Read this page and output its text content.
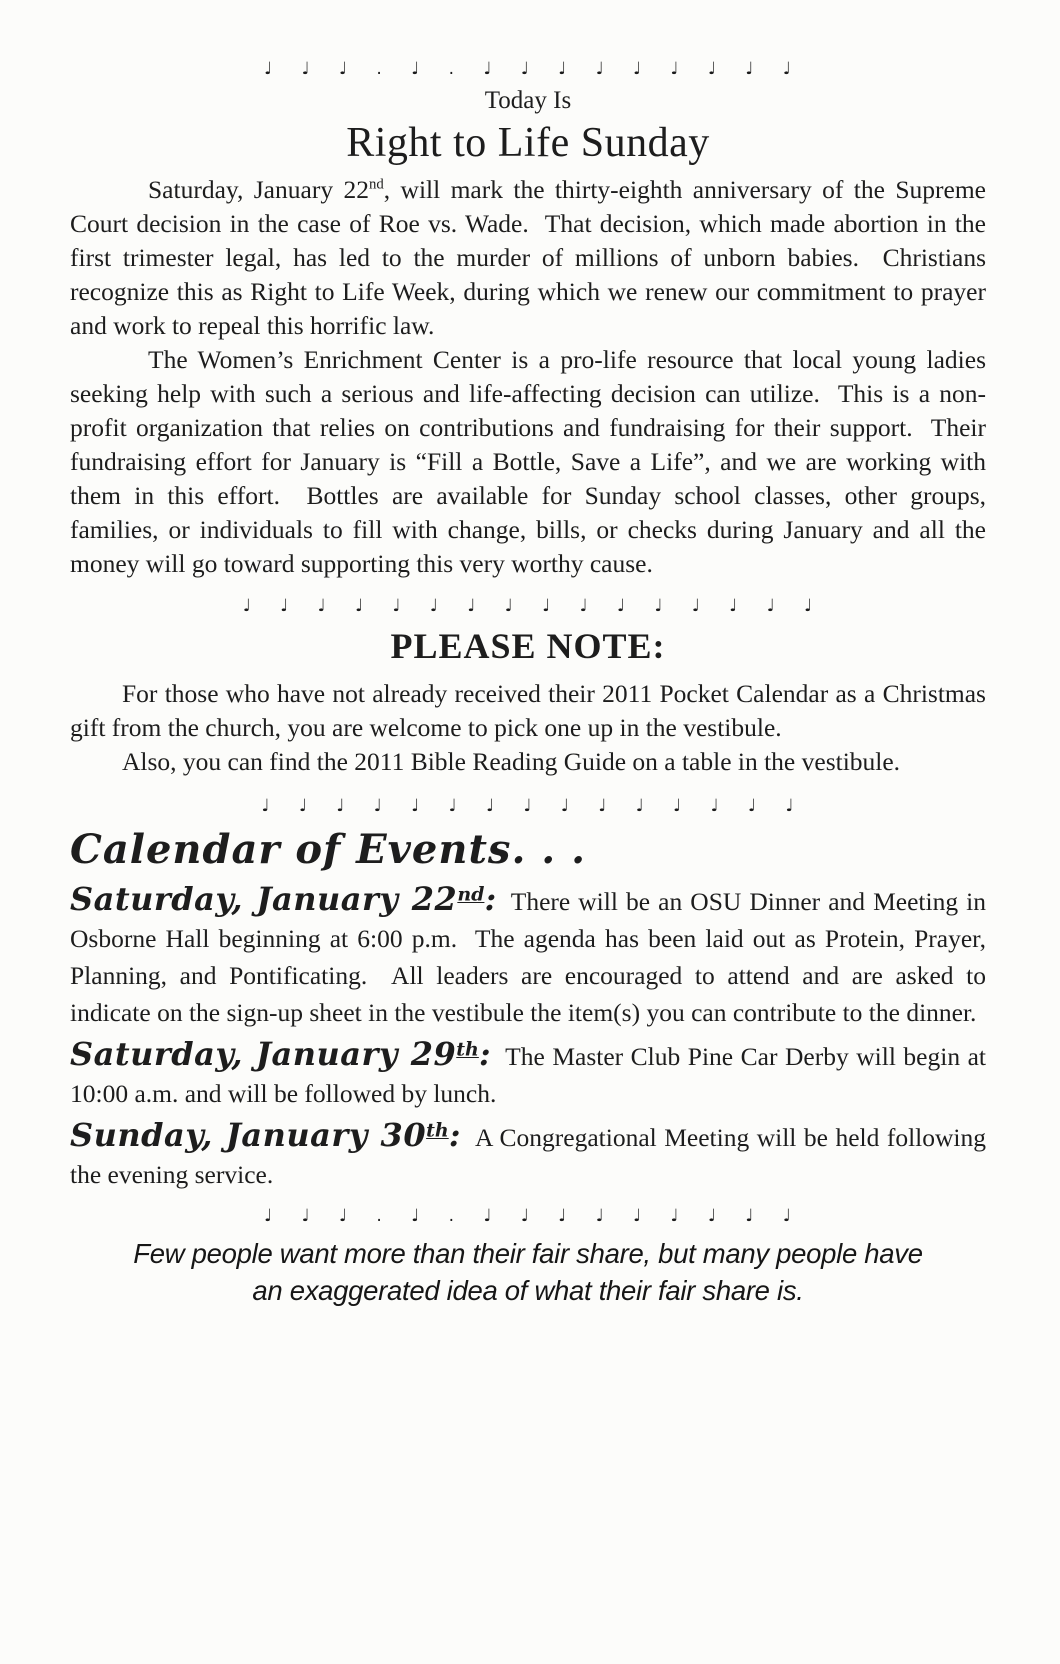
♩ ♩ ♩ . ♩ . ♩ ♩ ♩ ♩ ♩ ♩ ♩ ♩ ♩

Today Is

Right to Life Sunday

Saturday, January 22nd, will mark the thirty-eighth anniversary of the Supreme Court decision in the case of Roe vs. Wade.  That decision, which made abortion in the first trimester legal, has led to the murder of millions of unborn babies.  Christians recognize this as Right to Life Week, during which we renew our commitment to prayer and work to repeal this horrific law.

The Women’s Enrichment Center is a pro-life resource that local young ladies seeking help with such a serious and life-affecting decision can utilize.  This is a non-profit organization that relies on contributions and fundraising for their support.  Their fundraising effort for January is “Fill a Bottle, Save a Life”, and we are working with them in this effort.  Bottles are available for Sunday school classes, other groups, families, or individuals to fill with change, bills, or checks during January and all the money will go toward supporting this very worthy cause.

♩ ♩ ♩ ♩ ♩ ♩ ♩ ♩ ♩ ♩ ♩ ♩ ♩ ♩ ♩ ♩
PLEASE NOTE:

For those who have not already received their 2011 Pocket Calendar as a Christmas gift from the church, you are welcome to pick one up in the vestibule.

Also, you can find the 2011 Bible Reading Guide on a table in the vestibule.

♩ ♩ ♩ ♩ ♩ ♩ ♩ ♩ ♩ ♩ ♩ ♩ ♩ ♩ ♩
Calendar of Events. . .

Saturday, January 22nd: There will be an OSU Dinner and Meeting in Osborne Hall beginning at 6:00 p.m.  The agenda has been laid out as Protein, Prayer, Planning, and Pontificating.  All leaders are encouraged to attend and are asked to indicate on the sign-up sheet in the vestibule the item(s) you can contribute to the dinner.

Saturday, January 29th: The Master Club Pine Car Derby will begin at 10:00 a.m. and will be followed by lunch.

Sunday, January 30th: A Congregational Meeting will be held following the evening service.

♩ ♩ ♩ . ♩ . ♩ ♩ ♩ ♩ ♩ ♩ ♩ ♩ ♩

Few people want more than their fair share, but many people have
an exaggerated idea of what their fair share is.
